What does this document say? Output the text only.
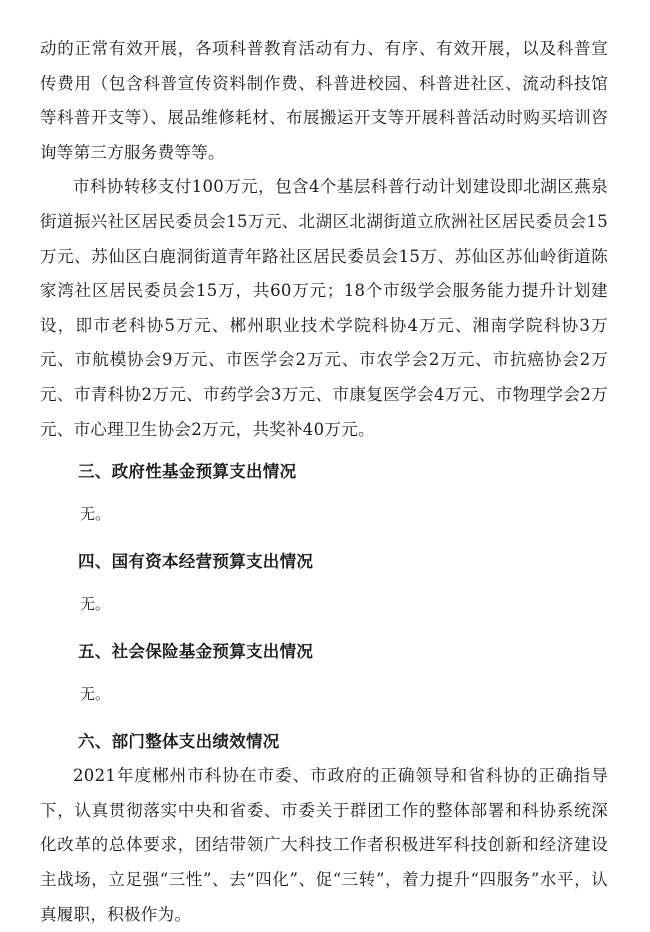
动的正常有效开展，各项科普教育活动有力、有序、有效开展，以及科普宣传费用（包含科普宣传资料制作费、科普进校园、科普进社区、流动科技馆等科普开支等）、展品维修耗材、布展搬运开支等开展科普活动时购买培训咨询等第三方服务费等等。

市科协转移支付100万元，包含4个基层科普行动计划建设即北湖区燕泉街道振兴社区居民委员会15万元、北湖区北湖街道立欣洲社区居民委员会15万元、苏仙区白鹿洞街道青年路社区居民委员会15万、苏仙区苏仙岭街道陈家湾社区居民委员会15万，共60万元；18个市级学会服务能力提升计划建设，即市老科协5万元、郴州职业技术学院科协4万元、湘南学院科协3万元、市航模协会9万元、市医学会2万元、市农学会2万元、市抗癌协会2万元、市青科协2万元、市药学会3万元、市康复医学会4万元、市物理学会2万元、市心理卫生协会2万元，共奖补40万元。

三、政府性基金预算支出情况

无。

四、国有资本经营预算支出情况

无。

五、社会保险基金预算支出情况

无。

六、部门整体支出绩效情况

2021年度郴州市科协在市委、市政府的正确领导和省科协的正确指导下，认真贯彻落实中央和省委、市委关于群团工作的整体部署和科协系统深化改革的总体要求，团结带领广大科技工作者积极进军科技创新和经济建设主战场，立足强“三性”、去“四化”、促“三转”，着力提升“四服务”水平，认真履职，积极作为。
